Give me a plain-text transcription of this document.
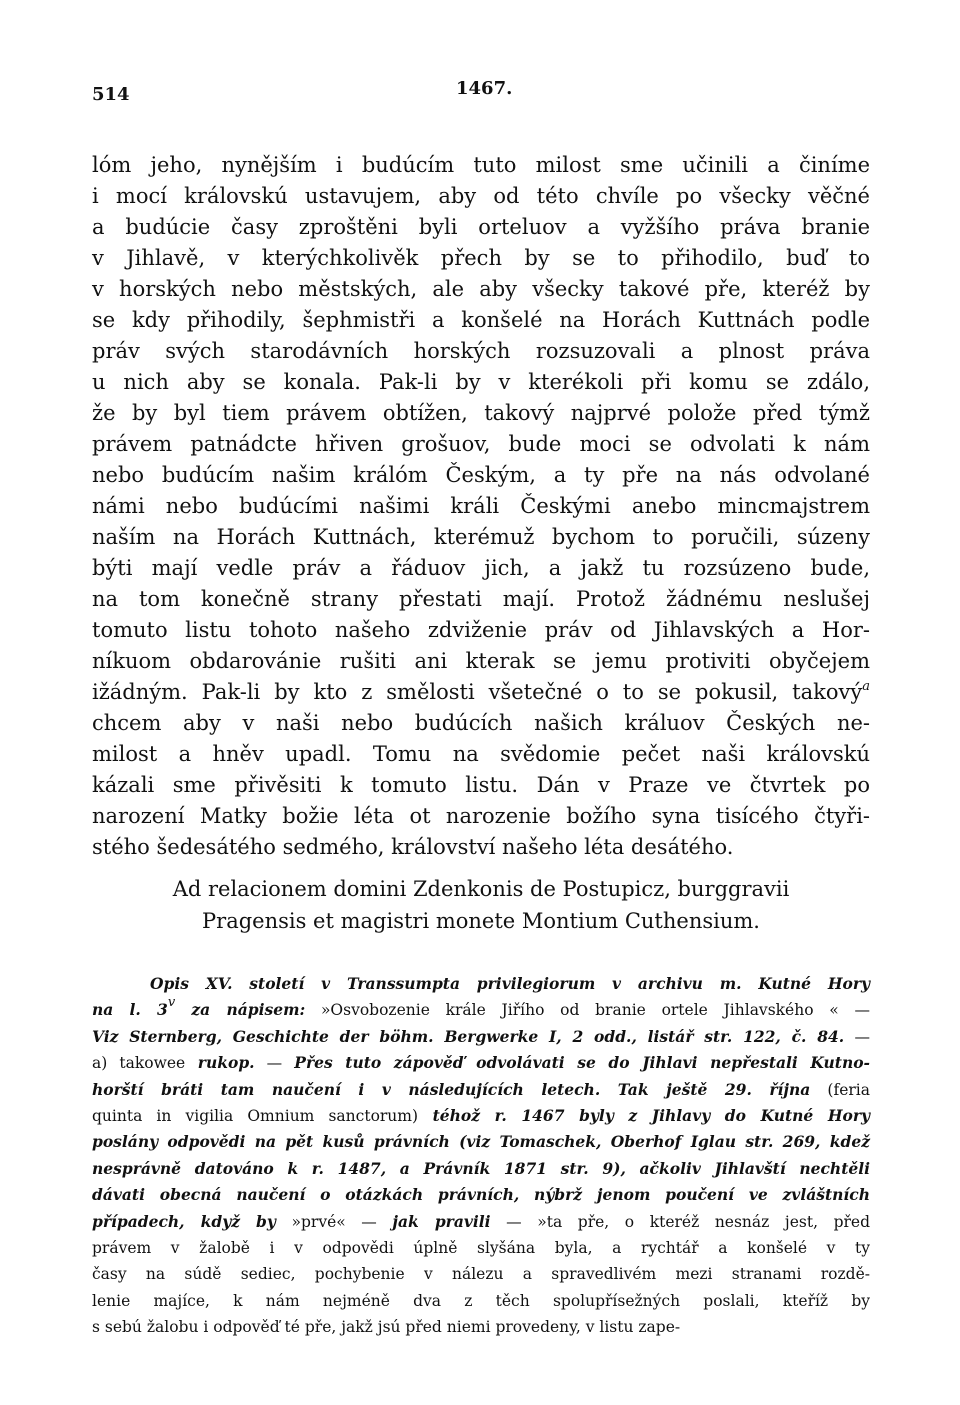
514	1467.
lóm jeho, nynějším i budúcím tuto milost sme učinili a činíme
i mocí královskú ustavujem, aby od této chvíle po všecky věčné
a budúcie časy zproštěni byli orteluov a vyžšího práva branie
v Jihlavě, v kterýchkolivěk přech by se to přihodilo, buď to
v horských nebo městských, ale aby všecky takové pře, kteréž by
se kdy přihodily, šephmistři a konšelé na Horách Kuttnách podle
práv svých starodávních horských rozsuzovali a plnost práva
u nich aby se konala. Pak-li by v kterékoli při komu se zdálo,
že by byl tiem právem obtížen, takový najprvé polože před týmž
právem patnádcte hřiven grošuov, bude moci se odvolati k nám
nebo budúcím našim králóm Českým, a ty pře na nás odvolané
námi nebo budúcími našimi králi Českými anebo mincmajstrem
naším na Horách Kuttnách, kterémuž bychom to poručili, súzeny
býti mají vedle práv a řáduov jich, a jakž tu rozsúzeno bude,
na tom konečně strany přestati mají. Protož žádnému neslušej
tomuto listu tohoto našeho zdviženie práv od Jihlavských a Hor-
níkuom obdarovánie rušiti ani kterak se jemu protiviti obyčejem
ižádným. Pak-li by kto z smělosti všetečné o to se pokusil, takový$^a$
chcem aby v naši nebo budúcích našich králuov Českých ne-
milost a hněv upadl. Tomu na svědomie pečet naši královskú
kázali sme přivěsiti k tomuto listu. Dán v Praze ve čtvrtek po
narození Matky božie léta ot narozenie božího syna tisícého čtyři-
stého šedesátého sedmého, království našeho léta desátého.
Ad relacionem domini Zdenkonis de Postupicz, burggravii
Pragensis et magistri monete Montium Cuthensium.
Opis XV. století v Transsumpta privilegiorum v archivu m. Kutné Hory
na l. 3$^v$ za nápisem: »Osvobozenie krále Jiřího od branie ortele Jihlavského « —
Viz Sternberg, Geschichte der böhm. Bergwerke I, 2 odd., listář str. 122, č. 84. —
a) takowee rukop. — Přes tuto zápověď odvolávati se do Jihlavi nepřestali Kutno-
horští bráti tam naučení i v následujících letech. Tak ještě 29. října (feria
quinta in vigilia Omnium sanctorum) téhož r. 1467 byly z Jihlavy do Kutné Hory
poslány odpovědi na pět kusů právních (viz Tomaschek, Oberhof Iglau str. 269, kdež
nesprávně datováno k r. 1487, a Právník 1871 str. 9), ačkoliv Jihlavští nechtěli
dávati obecná naučení o otázkách právních, nýbrž jenom poučení ve zvláštních
případech, když by »prvé« — jak pravili — »ta pře, o kteréž nesnáz jest, před
právem v žalobě i v odpovědi úplně slyšána byla, a rychtář a konšelé v ty
časy na súdě sediec, pochybenie v nálezu a spravedlivém mezi stranami rozdě-
lenie majíce, k nám nejméně dva z těch spolupřísežných poslali, kteříž by
s sebú žalobu i odpověď té pře, jakž jsú před niemi provedeny, v listu zape-
